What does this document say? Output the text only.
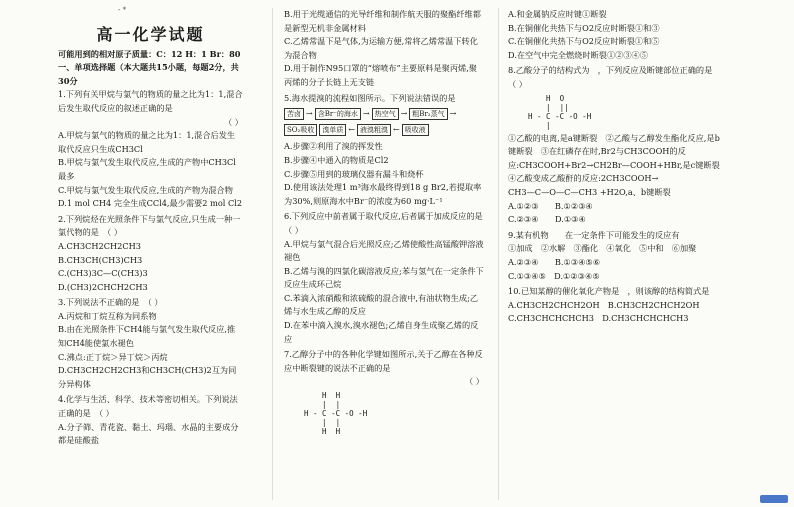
- *
高一化学试题
可能用到的相对原子质量：C：12 H：1 Br：80
一、单项选择题（本大题共15小题，每题2分，共30分
1.下列有关甲烷与氯气的物质的量之比为1：1,混合后发生取代反应的叙述正确的是
（ ）
A.甲烷与氯气的物质的量之比为1：1,混合后发生取代反应只生成CH3Cl
B.甲烷与氯气发生取代反应,生成的产物中CH3Cl最多
C.甲烷与氯气发生取代反应,生成的产物为混合物
D.1 mol CH4 完全生成CCl4,最少需要2 mol Cl2
2.下列烷烃在光照条件下与氯气反应,只生成一种一氯代物的是　（ ）
A.CH3CH2CH2CH3
B.CH3CH(CH3)CH3
C.(CH3)3C—C(CH3)3
D.(CH3)2CHCH2CH3
3.下列说法不正确的是　（ ）
A.丙烷和丁烷互称为同系物
B.由在光照条件下CH4能与氯气发生取代反应,推知CH4能使氯水褪色
C.沸点:正丁烷＞异丁烷＞丙烷
D.CH3CH2CH2CH3和CH3CH(CH3)2互为同分异构体
4.化学与生活、科学、技术等密切相关。下列说法正确的是　（ ）
A.分子筛、青花瓷、黏土、玛瑙、水晶的主要成分都是硅酸盐
B.用于光缆通信的光导纤维和制作航天服的聚酯纤维都是新型无机非金属材料
C.乙烯常温下是气体,为运输方便,常将乙烯常温下转化为混合物
D.用于制作N95口罩的“熔喷布”主要原料是聚丙烯,聚丙烯的分子长链上无支链
5.海水提溴的流程如图所示。下列说法错误的是
苦卤 → 含Br⁻的海水 → 热空气 → 粗Br₂蒸气 →
SO₂吸收	溴单质 ← 液溴粗溴 ← 吸收液
A.步骤②利用了溴的挥发性
B.步骤④中通入的物质是Cl2
C.步骤⑤用到的玻璃仪器有漏斗和烧杯
D.使用该法处理1 m³海水最终得到18 g Br2,若提取率为30%,则原海水中Br⁻的浓度为60 mg·L⁻¹
6.下列反应中前者属于取代反应,后者属于加成反应的是　（ ）
A.甲烷与氯气混合后光照反应;乙烯使酸性高锰酸钾溶液褪色
B.乙烯与溴的四氯化碳溶液反应;苯与氢气在一定条件下反应生成环己烷
C.苯滴入浓硝酸和浓硫酸的混合液中,有油状物生成;乙烯与水生成乙醇的反应
D.在苯中滴入溴水,溴水褪色;乙烯自身生成聚乙烯的反应
7.乙醇分子中的各种化学键如图所示,关于乙醇在各种反应中断裂键的说法不正确的是
（ ）
H  H
|  |
H - C -C -O -H
|  |
H  H
A.和金属钠反应时键①断裂
B.在铜催化共热下与O2反应时断裂①和③
C.在铜催化共热下与O2反应时断裂①和⑤
D.在空气中完全燃烧时断裂①②③④⑤
8.乙酸分子的结构式为　，下列反应及断键部位正确的是　（ ）
H  O
|  ||
H - C -C -O -H
|
①乙酸的电离,是a键断裂　②乙酸与乙醇发生酯化反应,是b键断裂　③在红磷存在时,Br2与CH3COOH的反应:CH3COOH+Br2→CH2Br—COOH+HBr,是c键断裂　④乙酸变成乙酸酐的反应:2CH3COOH→
CH3—C—O—C—CH3 +H2O,a、b键断裂
A.①②③　　B.①②③④
C.②③④　　D.①③④
9.某有机物　　在一定条件下可能发生的反应有
①加成　②水解　③酯化　④氧化　⑤中和　⑥加聚
A.②③④　　B.①③④⑤⑥
C.①③④⑤　D.①②③④⑤
10.已知某醇的催化氧化产物是　，则该醇的结构简式是
A.CH3CH2CHCH2OH　B.CH3CH2CHCH2OH
C.CH3CHCHCHCH3　D.CH3CHCHCHCH3
